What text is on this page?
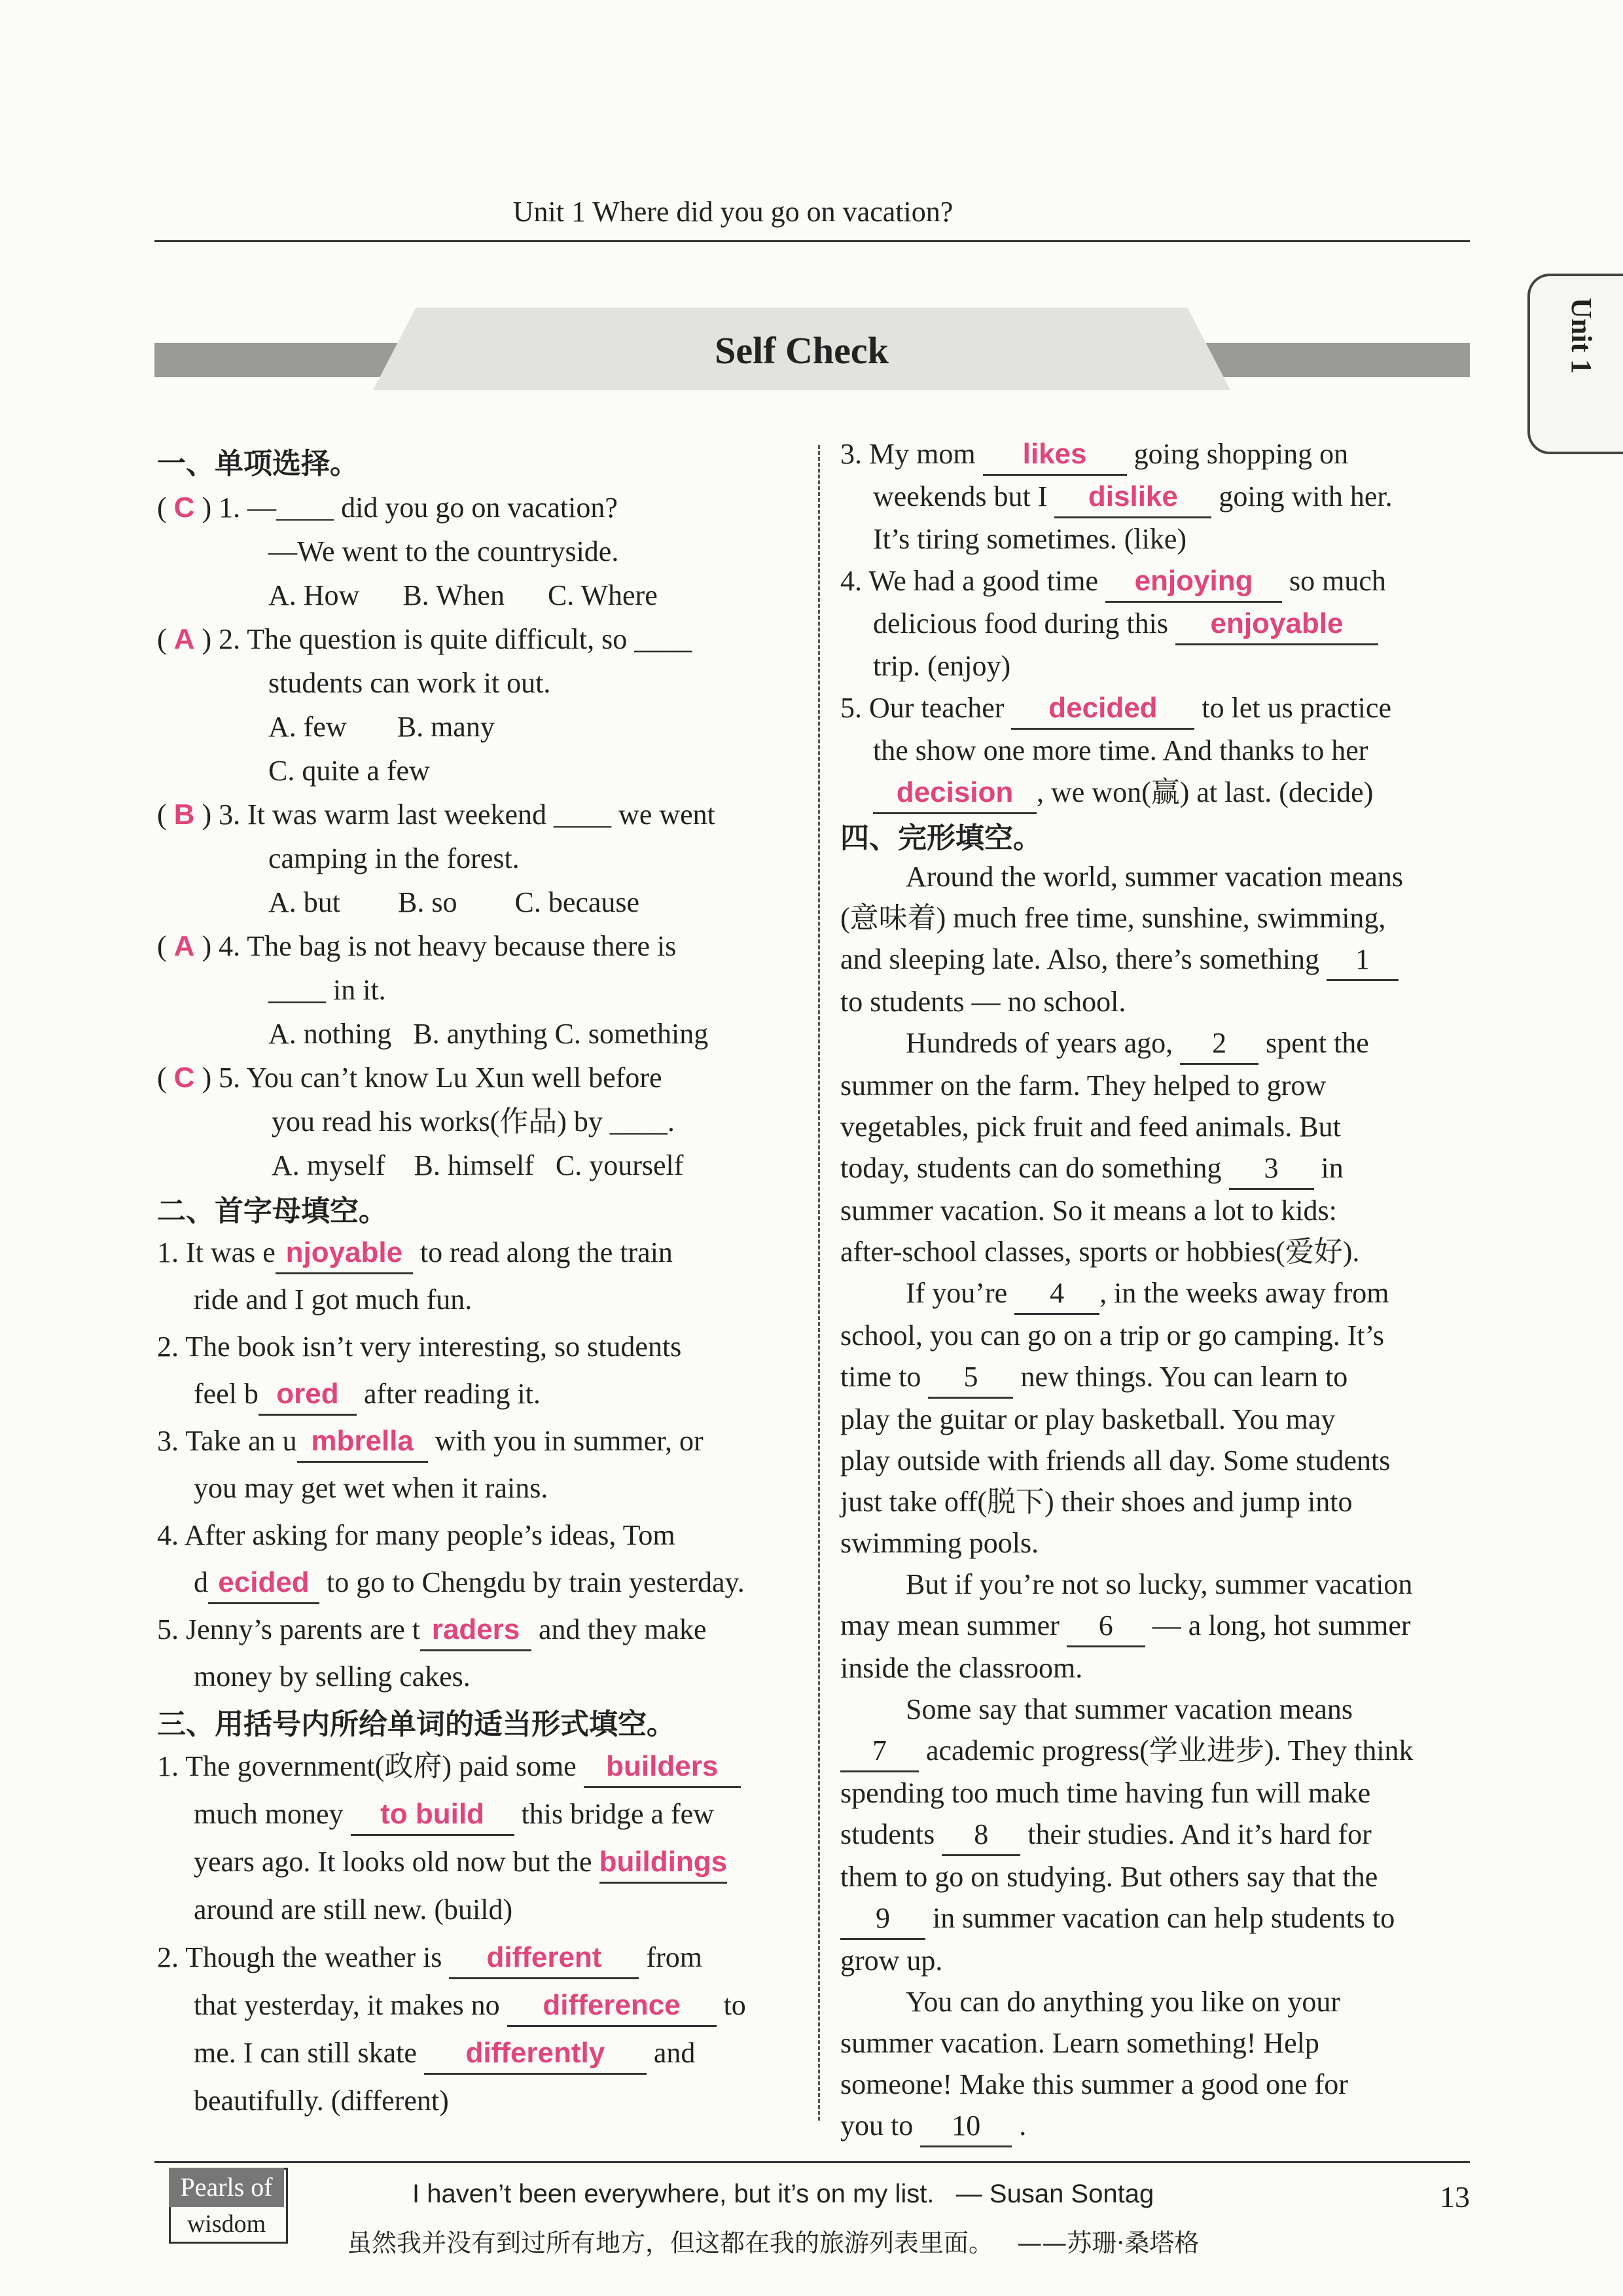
Unit 1 Where did you go on vacation?
Unit 1
Self Check
一、单项选择。
( C ) 1. —____ did you go on vacation?
—We went to the countryside.
A. How      B. When      C. Where
( A ) 2. The question is quite difficult, so ____
students can work it out.
A. few       B. many
C. quite a few
( B ) 3. It was warm last weekend ____ we went
camping in the forest.
A. but        B. so        C. because
( A ) 4. The bag is not heavy because there is
____ in it.
A. nothing   B. anything C. something
( C ) 5. You can’t know Lu Xun well before
you read his works(作品) by ____.
A. myself    B. himself   C. yourself
二、首字母填空。
1. It was e njoyable to read along the train
ride and I got much fun.
2. The book isn’t very interesting, so students
feel b ored after reading it.
3. Take an u mbrella with you in summer, or
you may get wet when it rains.
4. After asking for many people’s ideas, Tom
d ecided to go to Chengdu by train yesterday.
5. Jenny’s parents are t raders and they make
money by selling cakes.
三、用括号内所给单词的适当形式填空。
1. The government(政府) paid some builders
much money to build this bridge a few
years ago. It looks old now but the buildings
around are still new. (build)
2. Though the weather is different from
that yesterday, it makes no difference to
me. I can still skate differently and
beautifully. (different)
3. My mom likes going shopping on
weekends but I dislike going with her.
It’s tiring sometimes. (like)
4. We had a good time enjoying so much
delicious food during this enjoyable
trip. (enjoy)
5. Our teacher decided to let us practice
the show one more time. And thanks to her
decision , we won(赢) at last. (decide)
四、完形填空。
Around the world, summer vacation means
(意味着) much free time, sunshine, swimming,
and sleeping late. Also, there’s something 1
to students — no school.
Hundreds of years ago, 2 spent the
summer on the farm. They helped to grow
vegetables, pick fruit and feed animals. But
today, students can do something 3 in
summer vacation. So it means a lot to kids:
after-school classes, sports or hobbies(爱好).
If you’re 4 , in the weeks away from
school, you can go on a trip or go camping. It’s
time to 5 new things. You can learn to
play the guitar or play basketball. You may
play outside with friends all day. Some students
just take off(脱下) their shoes and jump into
swimming pools.
But if you’re not so lucky, summer vacation
may mean summer 6 — a long, hot summer
inside the classroom.
Some say that summer vacation means
7 academic progress(学业进步). They think
spending too much time having fun will make
students 8 their studies. And it’s hard for
them to go on studying. But others say that the
9 in summer vacation can help students to
grow up.
You can do anything you like on your
summer vacation. Learn something! Help
someone! Make this summer a good one for
you to 10 .
Pearls of
wisdom
I haven’t been everywhere, but it’s on my list.   — Susan Sontag
虽然我并没有到过所有地方，但这都在我的旅游列表里面。   ——苏珊·桑塔格
13
